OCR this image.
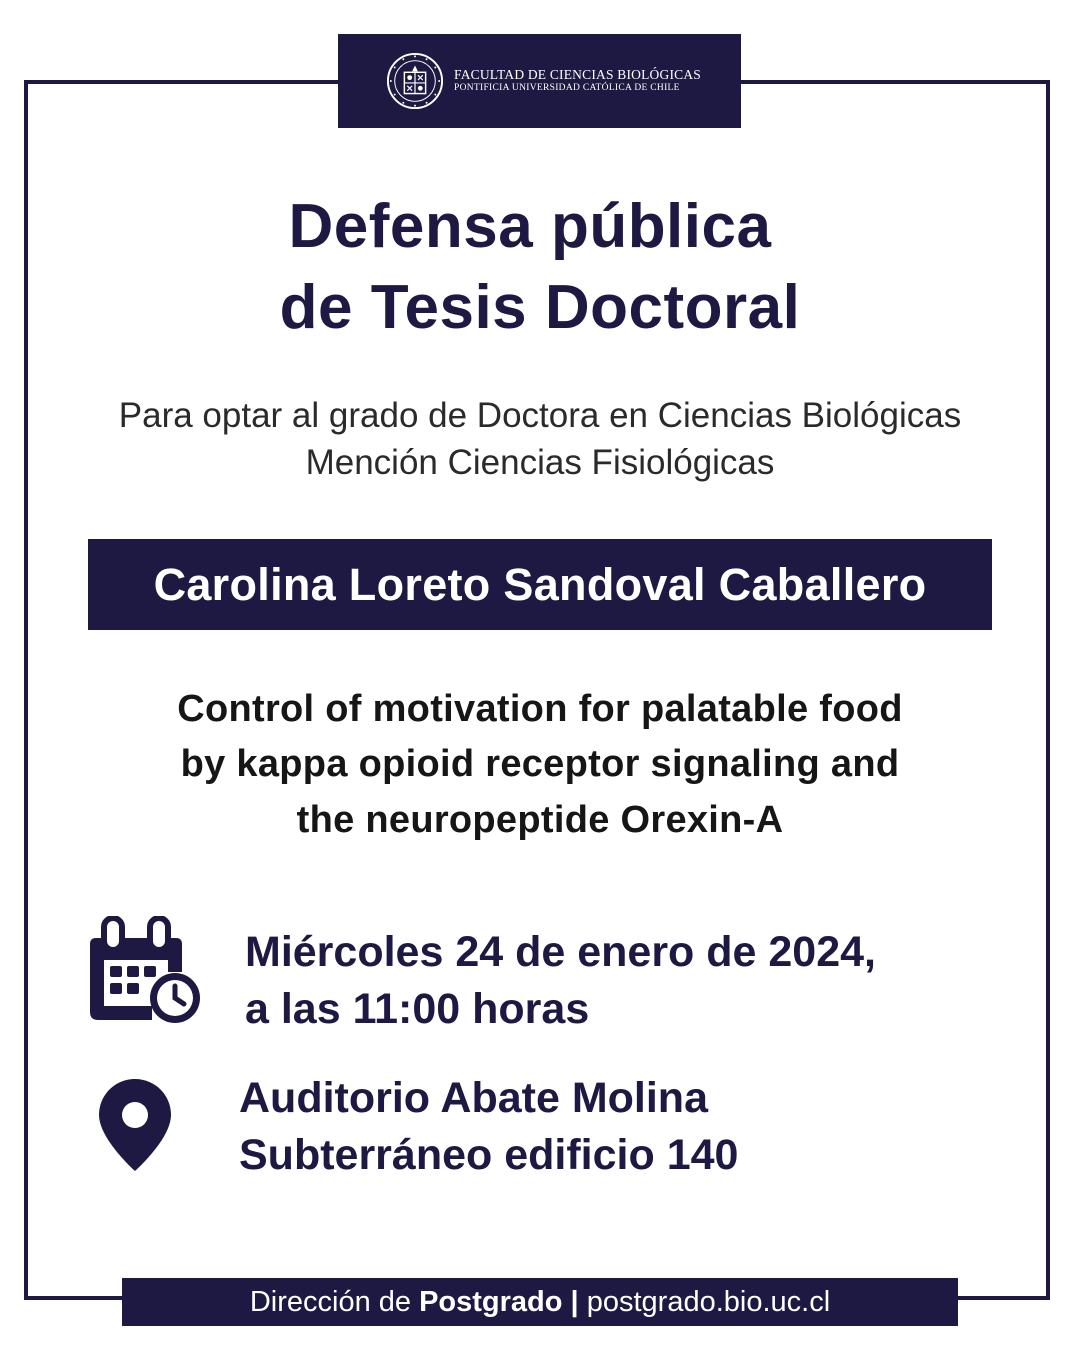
FACULTAD DE CIENCIAS BIOLÓGICAS
PONTIFICIA UNIVERSIDAD CATÓLICA DE CHILE
Defensa pública
de Tesis Doctoral
Para optar al grado de Doctora en Ciencias Biológicas
Mención Ciencias Fisiológicas
Carolina Loreto Sandoval Caballero
Control of motivation for palatable food
by kappa opioid receptor signaling and
the neuropeptide Orexin-A
Miércoles 24 de enero de 2024,
a las 11:00 horas
Auditorio Abate Molina
Subterráneo edificio 140
Dirección de
Postgrado
|
postgrado.bio.uc.cl
